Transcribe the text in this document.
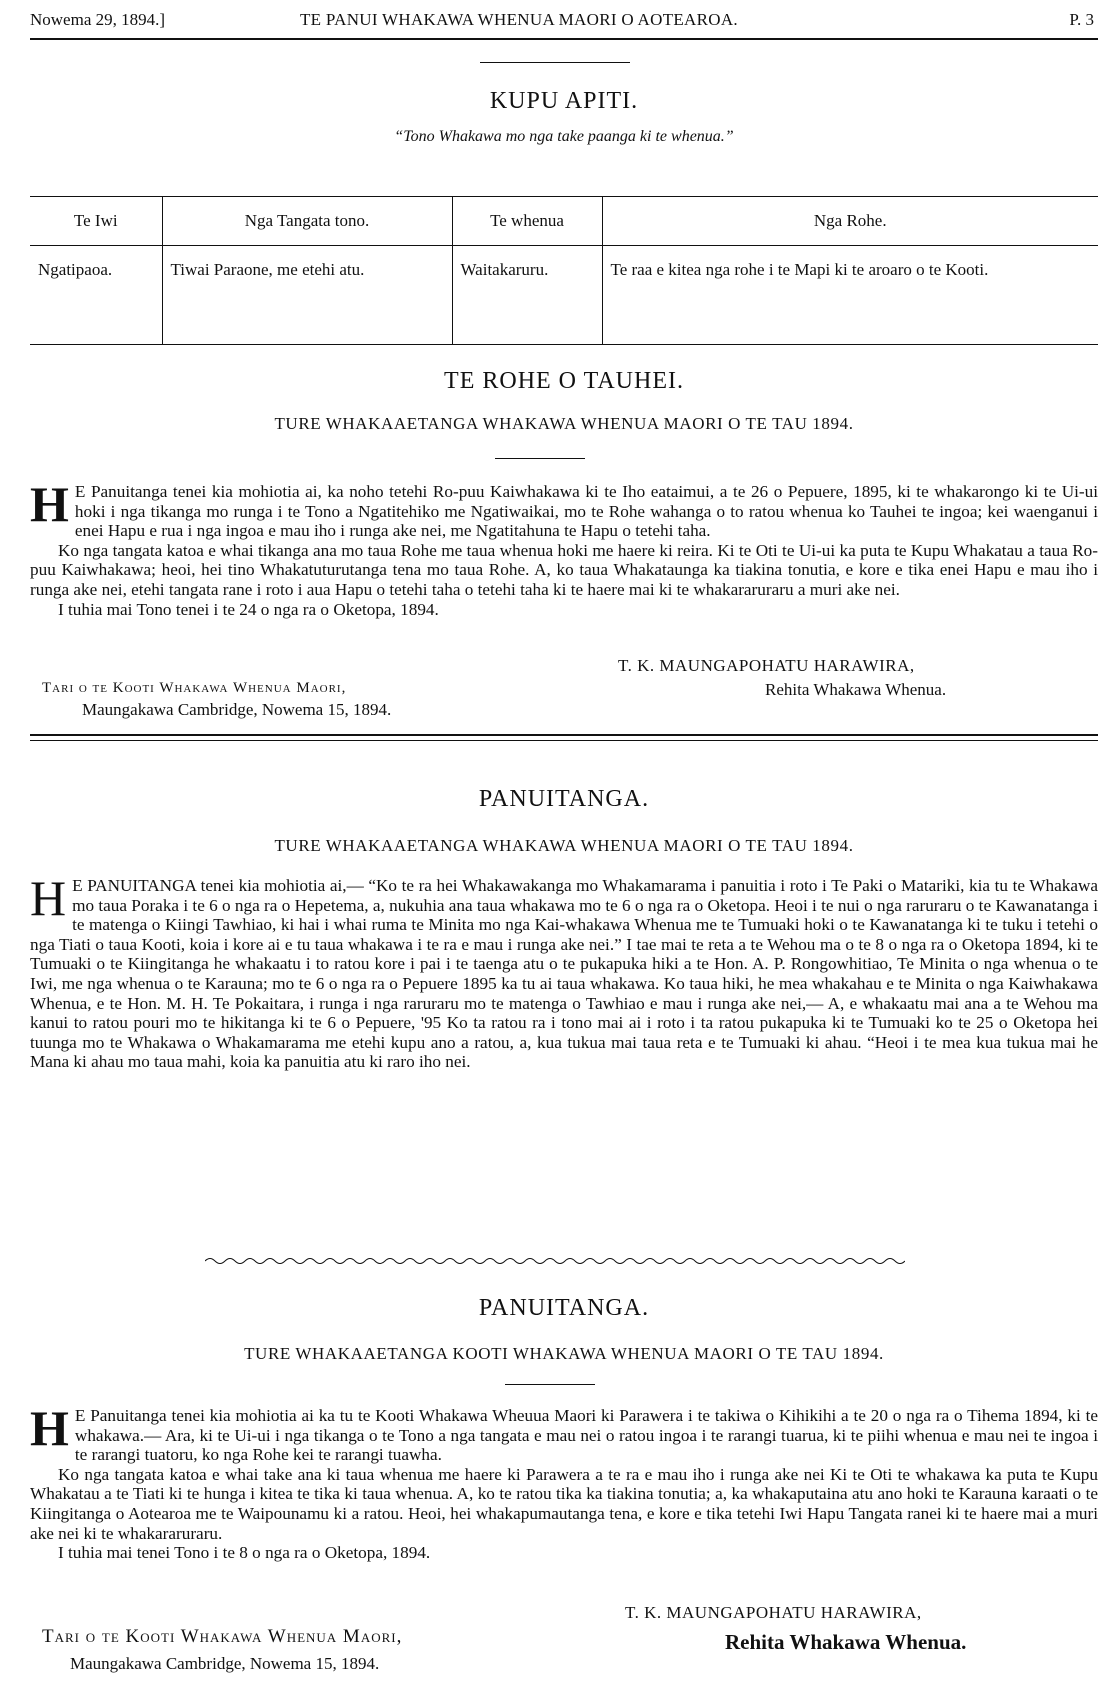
Nowema 29, 1894.]	TE PANUI WHAKAWA WHENUA MAORI O AOTEAROA.	P. 3
KUPU APITI.
“Tono Whakawa mo nga take paanga ki te whenua.”
Te Iwi	Nga Tangata tono.	Te whenua	Nga Rohe.
Ngatipaoa.	Tiwai Paraone, me etehi atu.	Waitakaruru.	Te raa e kitea nga rohe i te Mapi ki te aroaro o te Kooti.
TE ROHE O TAUHEI.
TURE WHAKAAETANGA WHAKAWA WHENUA MAORI O TE TAU 1894.

H E Panuitanga tenei kia mohiotia ai, ka noho tetehi Ro-puu Kaiwhakawa ki te Iho eataimui, a te 26 o Pepuere, 1895, ki te whakarongo ki te Ui-ui hoki i nga tikanga mo runga i te Tono a Ngatitehiko me Ngatiwaikai, mo te Rohe wahanga o to ratou whenua ko Tauhei te ingoa; kei waenganui i enei Hapu e rua i nga ingoa e mau iho i runga ake nei, me Ngatitahuna te Hapu o tetehi taha.

Ko nga tangata katoa e whai tikanga ana mo taua Rohe me taua whenua hoki me haere ki reira. Ki te Oti te Ui-ui ka puta te Kupu Whakatau a taua Ro-puu Kaiwhakawa; heoi, hei tino Whakatuturutanga tena mo taua Rohe. A, ko taua Whakataunga ka tiakina tonutia, e kore e tika enei Hapu e mau iho i runga ake nei, etehi tangata rane i roto i aua Hapu o tetehi taha o tetehi taha ki te haere mai ki te whakararuraru a muri ake nei.

I tuhia mai Tono tenei i te 24 o nga ra o Oketopa, 1894.

T. K. MAUNGAPOHATU HARAWIRA,
Rehita Whakawa Whenua.
Tari o te Kooti Whakawa Whenua Maori,
Maungakawa Cambridge, Nowema 15, 1894.
PANUITANGA.
TURE WHAKAAETANGA WHAKAWA WHENUA MAORI O TE TAU 1894.

H E PANUITANGA tenei kia mohiotia ai,— “Ko te ra hei Whakawakanga mo Whakamarama i panuitia i roto i Te Paki o Matariki, kia tu te Whakawa mo taua Poraka i te 6 o nga ra o Hepetema, a, nukuhia ana taua whakawa mo te 6 o nga ra o Oketopa. Heoi i te nui o nga raruraru o te Kawanatanga i te matenga o Kiingi Tawhiao, ki hai i whai ruma te Minita mo nga Kai-whakawa Whenua me te Tumuaki hoki o te Kawanatanga ki te tuku i tetehi o nga Tiati o taua Kooti, koia i kore ai e tu taua whakawa i te ra e mau i runga ake nei.” I tae mai te reta a te Wehou ma o te 8 o nga ra o Oketopa 1894, ki te Tumuaki o te Kiingitanga he whakaatu i to ratou kore i pai i te taenga atu o te pukapuka hiki a te Hon. A. P. Rongowhitiao, Te Minita o nga whenua o te Iwi, me nga whenua o te Karauna; mo te 6 o nga ra o Pepuere 1895 ka tu ai taua whakawa. Ko taua hiki, he mea whakahau e te Minita o nga Kaiwhakawa Whenua, e te Hon. M. H. Te Pokaitara, i runga i nga raruraru mo te matenga o Tawhiao e mau i runga ake nei,— A, e whakaatu mai ana a te Wehou ma kanui to ratou pouri mo te hikitanga ki te 6 o Pepuere, '95 Ko ta ratou ra i tono mai ai i roto i ta ratou pukapuka ki te Tumuaki ko te 25 o Oketopa hei tuunga mo te Whakawa o Whakamarama me etehi kupu ano a ratou, a, kua tukua mai taua reta e te Tumuaki ki ahau. “Heoi i te mea kua tukua mai he Mana ki ahau mo taua mahi, koia ka panuitia atu ki raro iho nei.

PANUITANGA.
TURE WHAKAAETANGA KOOTI WHAKAWA WHENUA MAORI O TE TAU 1894.

H E Panuitanga tenei kia mohiotia ai ka tu te Kooti Whakawa Wheuua Maori ki Parawera i te takiwa o Kihikihi a te 20 o nga ra o Tihema 1894, ki te whakawa.— Ara, ki te Ui-ui i nga tikanga o te Tono a nga tangata e mau nei o ratou ingoa i te rarangi tuarua, ki te piihi whenua e mau nei te ingoa i te rarangi tuatoru, ko nga Rohe kei te rarangi tuawha.

Ko nga tangata katoa e whai take ana ki taua whenua me haere ki Parawera a te ra e mau iho i runga ake nei Ki te Oti te whakawa ka puta te Kupu Whakatau a te Tiati ki te hunga i kitea te tika ki taua whenua. A, ko te ratou tika ka tiakina tonutia; a, ka whakaputaina atu ano hoki te Karauna karaati o te Kiingitanga o Aotearoa me te Waipounamu ki a ratou. Heoi, hei whakapumautanga tena, e kore e tika tetehi Iwi Hapu Tangata ranei ki te haere mai a muri ake nei ki te whakararuraru.

I tuhia mai tenei Tono i te 8 o nga ra o Oketopa, 1894.

T. K. MAUNGAPOHATU HARAWIRA,
Tari o te Kooti Whakawa Whenua Maori,	Rehita Whakawa Whenua.
Maungakawa Cambridge, Nowema 15, 1894.
